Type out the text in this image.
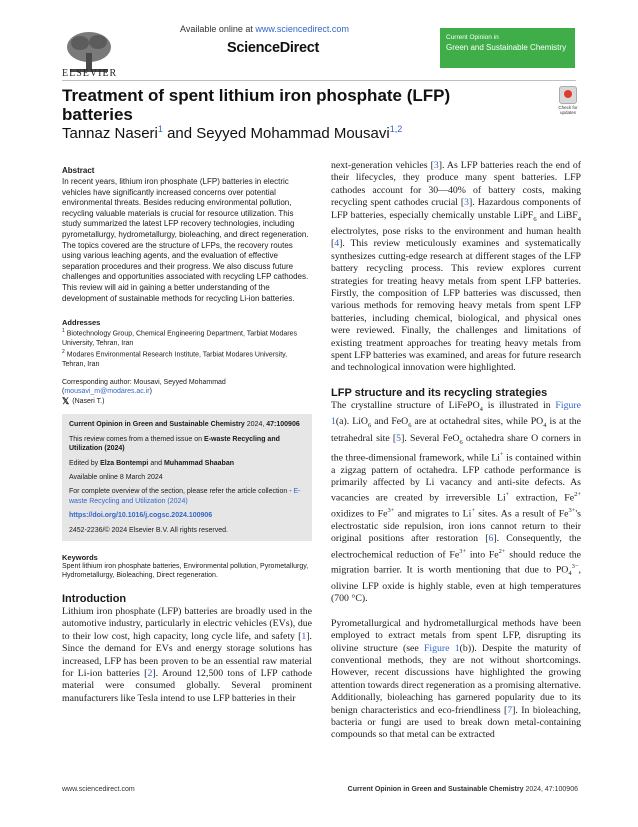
ELSEVIER
Available online at www.sciencedirect.com
ScienceDirect
Current Opinion in
Green and Sustainable Chemistry
Treatment of spent lithium iron phosphate (LFP) batteries
Tannaz Naseri$^1$ and Seyyed Mohammad Mousavi$^{1,2}$
Check for updates
Abstract
In recent years, lithium iron phosphate (LFP) batteries in electric vehicles have significantly increased concerns over potential environmental threats. Besides reducing environmental pollution, recycling valuable materials is crucial for resource utilization. This study summarized the latest LFP recovery technologies, including pyrometallurgy, hydrometallurgy, bioleaching, and direct regeneration. The topics covered are the structure of LFPs, the recovery routes using various leaching agents, and the evaluation of effective separation procedures and their progress. We also discuss future challenges and opportunities associated with recycling LFP cathodes. This review will aid in gaining a better understanding of the development of sustainable methods for recycling Li-ion batteries.
Addresses
$^1$ Biotechnology Group, Chemical Engineering Department, Tarbiat Modares University, Tehran, Iran
$^2$ Modares Environmental Research Institute, Tarbiat Modares University, Tehran, Iran
Corresponding author: Mousavi, Seyyed Mohammad (mousavi_m@modares.ac.ir)
𝕏 (Naseri T.)

Current Opinion in Green and Sustainable Chemistry 2024, 47:100906

This review comes from a themed issue on E-waste Recycling and Utilization (2024)

Edited by Elza Bontempi and Muhammad Shaaban

Available online 8 March 2024

For complete overview of the section, please refer the article collection - E-waste Recycling and Utilization (2024)

https://doi.org/10.1016/j.cogsc.2024.100906

2452-2236/© 2024 Elsevier B.V. All rights reserved.

Keywords
Spent lithium iron phosphate batteries, Environmental pollution, Pyrometallurgy, Hydrometallurgy, Bioleaching, Direct regeneration.
Introduction
Lithium iron phosphate (LFP) batteries are broadly used in the automotive industry, particularly in electric vehicles (EVs), due to their low cost, high capacity, long cycle life, and safety [1]. Since the demand for EVs and energy storage solutions has increased, LFP has been proven to be an essential raw material for Li-ion batteries [2]. Around 12,500 tons of LFP cathode material were consumed globally. Several prominent manufacturers like Tesla intend to use LFP batteries in their
next-generation vehicles [3]. As LFP batteries reach the end of their lifecycles, they produce many spent batteries. LFP cathodes account for 30—40% of battery costs, making recycling spent cathodes crucial [3]. Hazardous components of LFP batteries, especially chemically unstable LiPF$_6$ and LiBF$_4$ electrolytes, pose risks to the environment and human health [4]. This review meticulously examines and systematically synthesizes cutting-edge research at different stages of the LFP battery recycling process. This review explores current strategies for treating heavy metals from spent LFP batteries. Firstly, the composition of LFP batteries was discussed, then various methods for removing heavy metals from spent LFP batteries, including chemical, biological, and physical ones were reviewed. Finally, the challenges and limitations of existing treatment approaches for treating heavy metals from spent LFP batteries was examined, and areas for future research and technological innovation were highlighted.
LFP structure and its recycling strategies
The crystalline structure of LiFePO$_4$ is illustrated in Figure 1(a). LiO$_6$ and FeO$_6$ are at octahedral sites, while $PO_4$ is at the tetrahedral site [5]. Several FeO$_6$ octahedra share O corners in the three-dimensional framework, while Li+ is contained within a zigzag pattern of octahedra. LFP cathode performance is primarily affected by Li vacancy and anti-site defects. As vacancies are created by irreversible Li+ extraction, $Fe^{2+}$ oxidizes to $Fe^{3+}$ and migrates to Li+ sites. As a result of $Fe^{3+}'s$ electrostatic side repulsion, iron ions cannot return to their original positions after restoration [6]. Consequently, the electrochemical reduction of $Fe^{3+}$ into $Fe^{2+}$ should reduce the migration barrier. It is worth mentioning that due to $PO_4^{3-}$, olivine LFP oxide is highly stable, even at high temperatures (700 °C).
Pyrometallurgical and hydrometallurgical methods have been employed to extract metals from spent LFP, disrupting its olivine structure (see Figure 1(b)). Despite the maturity of conventional methods, they are not without shortcomings. However, recent discussions have highlighted the growing attention towards direct regeneration as a promising alternative. Additionally, bioleaching has garnered popularity due to its benign characteristics and eco-friendliness [7]. In bioleaching, bacteria or fungi are used to break down metal-containing compounds so that metal can be extracted
www.sciencedirect.com	Current Opinion in Green and Sustainable Chemistry 2024, 47:100906
